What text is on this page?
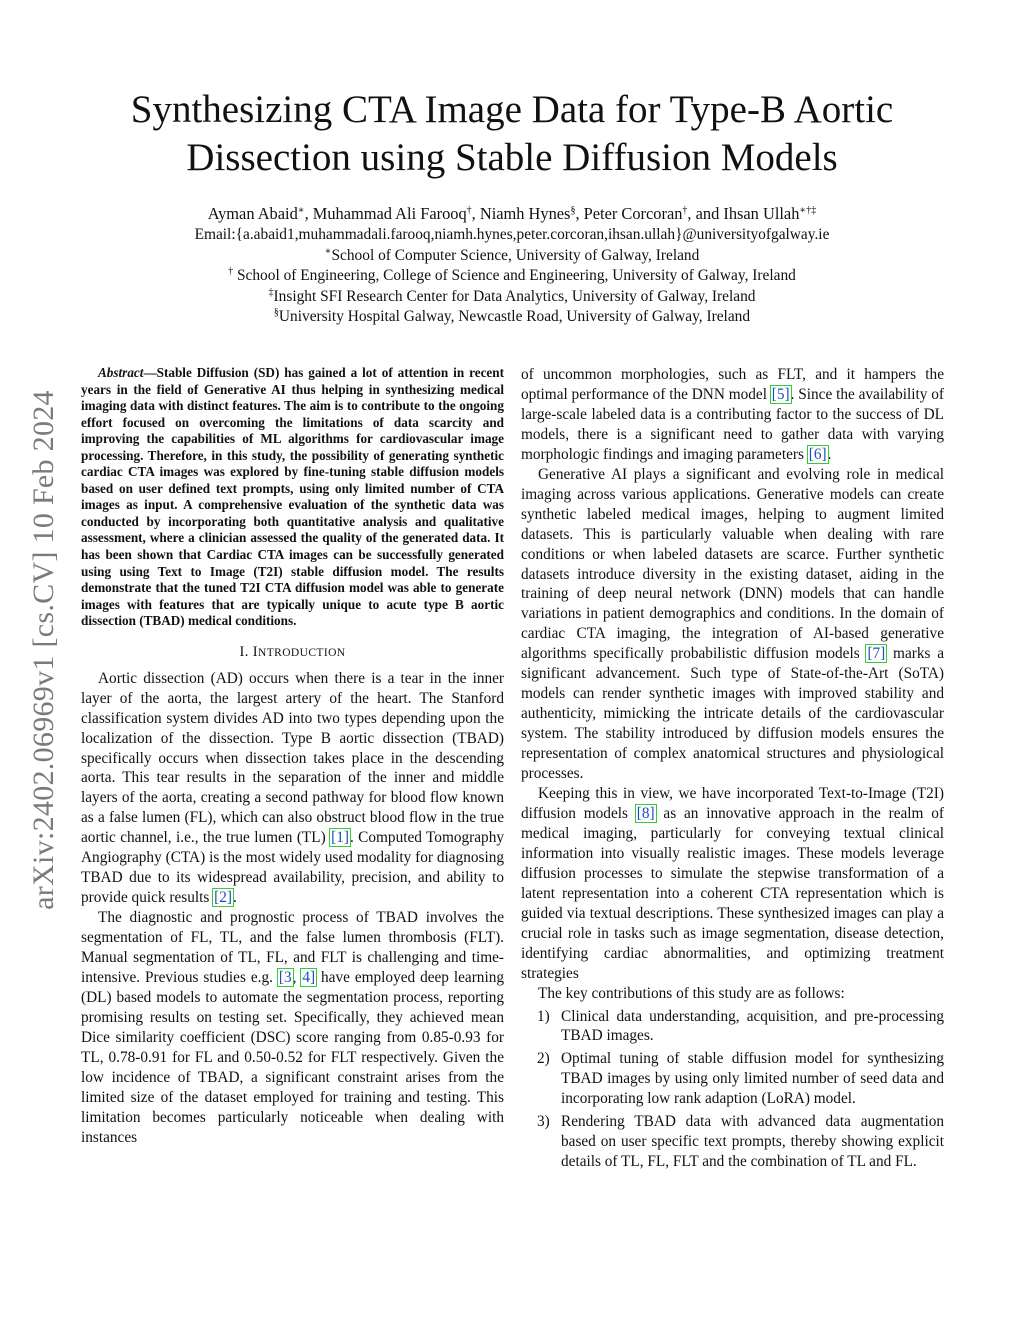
arXiv:2402.06969v1 [cs.CV] 10 Feb 2024
Synthesizing CTA Image Data for Type-B Aortic
Dissection using Stable Diffusion Models
Ayman Abaid∗, Muhammad Ali Farooq†, Niamh Hynes§, Peter Corcoran†, and Ihsan Ullah∗†‡
Email:{a.abaid1,muhammadali.farooq,niamh.hynes,peter.corcoran,ihsan.ullah}@universityofgalway.ie
∗School of Computer Science, University of Galway, Ireland
† School of Engineering, College of Science and Engineering, University of Galway, Ireland
‡Insight SFI Research Center for Data Analytics, University of Galway, Ireland
§University Hospital Galway, Newcastle Road, University of Galway, Ireland

Abstract—Stable Diffusion (SD) has gained a lot of attention in recent years in the field of Generative AI thus helping in synthesizing medical imaging data with distinct features. The aim is to contribute to the ongoing effort focused on overcoming the limitations of data scarcity and improving the capabilities of ML algorithms for cardiovascular image processing. Therefore, in this study, the possibility of generating synthetic cardiac CTA images was explored by fine-tuning stable diffusion models based on user defined text prompts, using only limited number of CTA images as input. A comprehensive evaluation of the synthetic data was conducted by incorporating both quantitative analysis and qualitative assessment, where a clinician assessed the quality of the generated data. It has been shown that Cardiac CTA images can be successfully generated using using Text to Image (T2I) stable diffusion model. The results demonstrate that the tuned T2I CTA diffusion model was able to generate images with features that are typically unique to acute type B aortic dissection (TBAD) medical conditions.

I. INTRODUCTION

Aortic dissection (AD) occurs when there is a tear in the inner layer of the aorta, the largest artery of the heart. The Stanford classification system divides AD into two types depending upon the localization of the dissection. Type B aortic dissection (TBAD) specifically occurs when dissection takes place in the descending aorta. This tear results in the separation of the inner and middle layers of the aorta, creating a second pathway for blood flow known as a false lumen (FL), which can also obstruct blood flow in the true aortic channel, i.e., the true lumen (TL) [1]. Computed Tomography Angiography (CTA) is the most widely used modality for diagnosing TBAD due to its widespread availability, precision, and ability to provide quick results [2].

The diagnostic and prognostic process of TBAD involves the segmentation of FL, TL, and the false lumen thrombosis (FLT). Manual segmentation of TL, FL, and FLT is challenging and time-intensive. Previous studies e.g. [3, 4] have employed deep learning (DL) based models to automate the segmentation process, reporting promising results on testing set. Specifically, they achieved mean Dice similarity coefficient (DSC) score ranging from 0.85-0.93 for TL, 0.78-0.91 for FL and 0.50-0.52 for FLT respectively. Given the low incidence of TBAD, a significant constraint arises from the limited size of the dataset employed for training and testing. This limitation becomes particularly noticeable when dealing with instances

of uncommon morphologies, such as FLT, and it hampers the optimal performance of the DNN model [5]. Since the availability of large-scale labeled data is a contributing factor to the success of DL models, there is a significant need to gather data with varying morphologic findings and imaging parameters [6].

Generative AI plays a significant and evolving role in medical imaging across various applications. Generative models can create synthetic labeled medical images, helping to augment limited datasets. This is particularly valuable when dealing with rare conditions or when labeled datasets are scarce. Further synthetic datasets introduce diversity in the existing dataset, aiding in the training of deep neural network (DNN) models that can handle variations in patient demographics and conditions. In the domain of cardiac CTA imaging, the integration of AI-based generative algorithms specifically probabilistic diffusion models [7] marks a significant advancement. Such type of State-of-the-Art (SoTA) models can render synthetic images with improved stability and authenticity, mimicking the intricate details of the cardiovascular system. The stability introduced by diffusion models ensures the representation of complex anatomical structures and physiological processes.

Keeping this in view, we have incorporated Text-to-Image (T2I) diffusion models [8] as an innovative approach in the realm of medical imaging, particularly for conveying textual clinical information into visually realistic images. These models leverage diffusion processes to simulate the stepwise transformation of a latent representation into a coherent CTA representation which is guided via textual descriptions. These synthesized images can play a crucial role in tasks such as image segmentation, disease detection, identifying cardiac abnormalities, and optimizing treatment strategies

The key contributions of this study are as follows:

1) Clinical data understanding, acquisition, and pre-processing TBAD images.
2) Optimal tuning of stable diffusion model for synthesizing TBAD images by using only limited number of seed data and incorporating low rank adaption (LoRA) model.
3) Rendering TBAD data with advanced data augmentation based on user specific text prompts, thereby showing explicit details of TL, FL, FLT and the combination of TL and FL.
